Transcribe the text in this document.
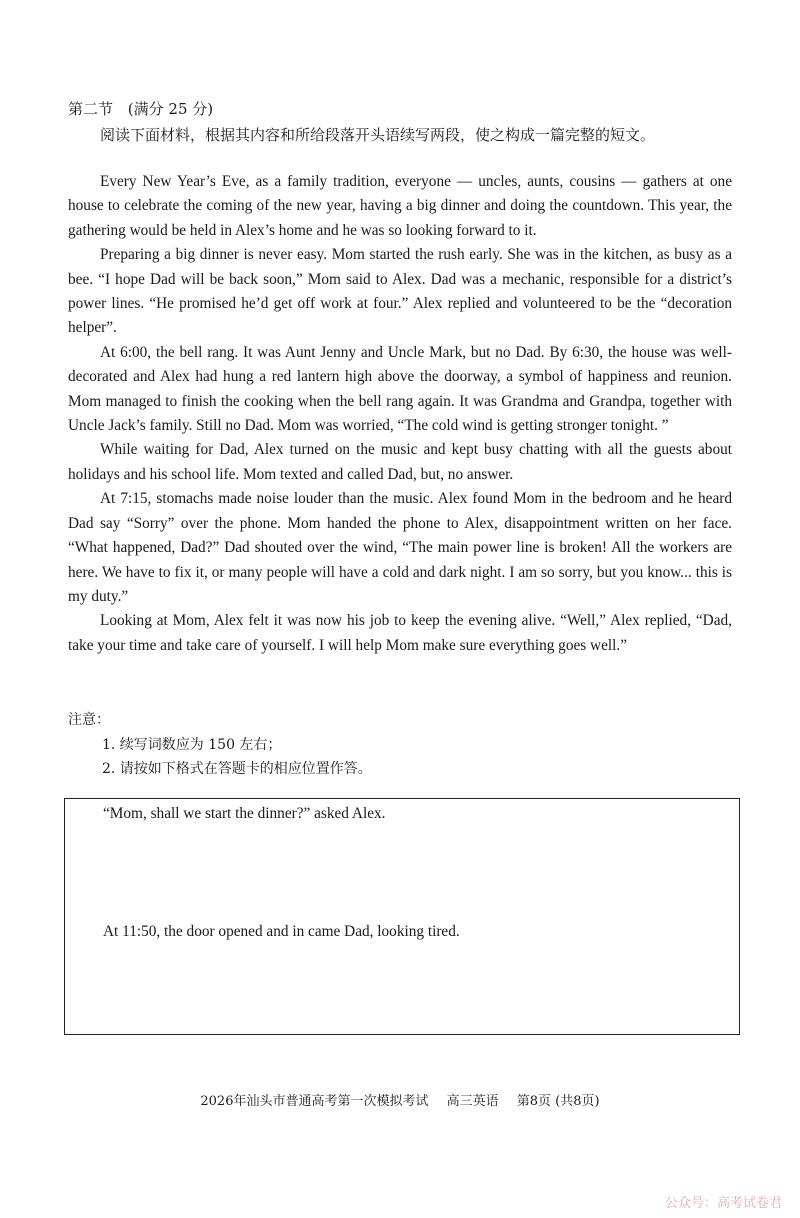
第二节 (满分 25 分)
阅读下面材料，根据其内容和所给段落开头语续写两段，使之构成一篇完整的短文。

Every New Year’s Eve, as a family tradition, everyone — uncles, aunts, cousins — gathers at one house to celebrate the coming of the new year, having a big dinner and doing the countdown. This year, the gathering would be held in Alex’s home and he was so looking forward to it.

Preparing a big dinner is never easy. Mom started the rush early. She was in the kitchen, as busy as a bee. “I hope Dad will be back soon,” Mom said to Alex. Dad was a mechanic, responsible for a district’s power lines. “He promised he’d get off work at four.” Alex replied and volunteered to be the “decoration helper”.

At 6:00, the bell rang. It was Aunt Jenny and Uncle Mark, but no Dad. By 6:30, the house was well-decorated and Alex had hung a red lantern high above the doorway, a symbol of happiness and reunion. Mom managed to finish the cooking when the bell rang again. It was Grandma and Grandpa, together with Uncle Jack’s family. Still no Dad. Mom was worried, “The cold wind is getting stronger tonight. ”

While waiting for Dad, Alex turned on the music and kept busy chatting with all the guests about holidays and his school life. Mom texted and called Dad, but, no answer.

At 7:15, stomachs made noise louder than the music. Alex found Mom in the bedroom and he heard Dad say “Sorry” over the phone. Mom handed the phone to Alex, disappointment written on her face. “What happened, Dad?” Dad shouted over the wind, “The main power line is broken! All the workers are here. We have to fix it, or many people will have a cold and dark night. I am so sorry, but you know... this is my duty.”

Looking at Mom, Alex felt it was now his job to keep the evening alive. “Well,” Alex replied, “Dad, take your time and take care of yourself. I will help Mom make sure everything goes well.”

注意：
1. 续写词数应为 150 左右；
2. 请按如下格式在答题卡的相应位置作答。
“Mom, shall we start the dinner?” asked Alex.
At 11:50, the door opened and in came Dad, looking tired.
2026年汕头市普通高考第一次模拟考试 高三英语 第8页 (共8页)
公众号：高考试卷君
